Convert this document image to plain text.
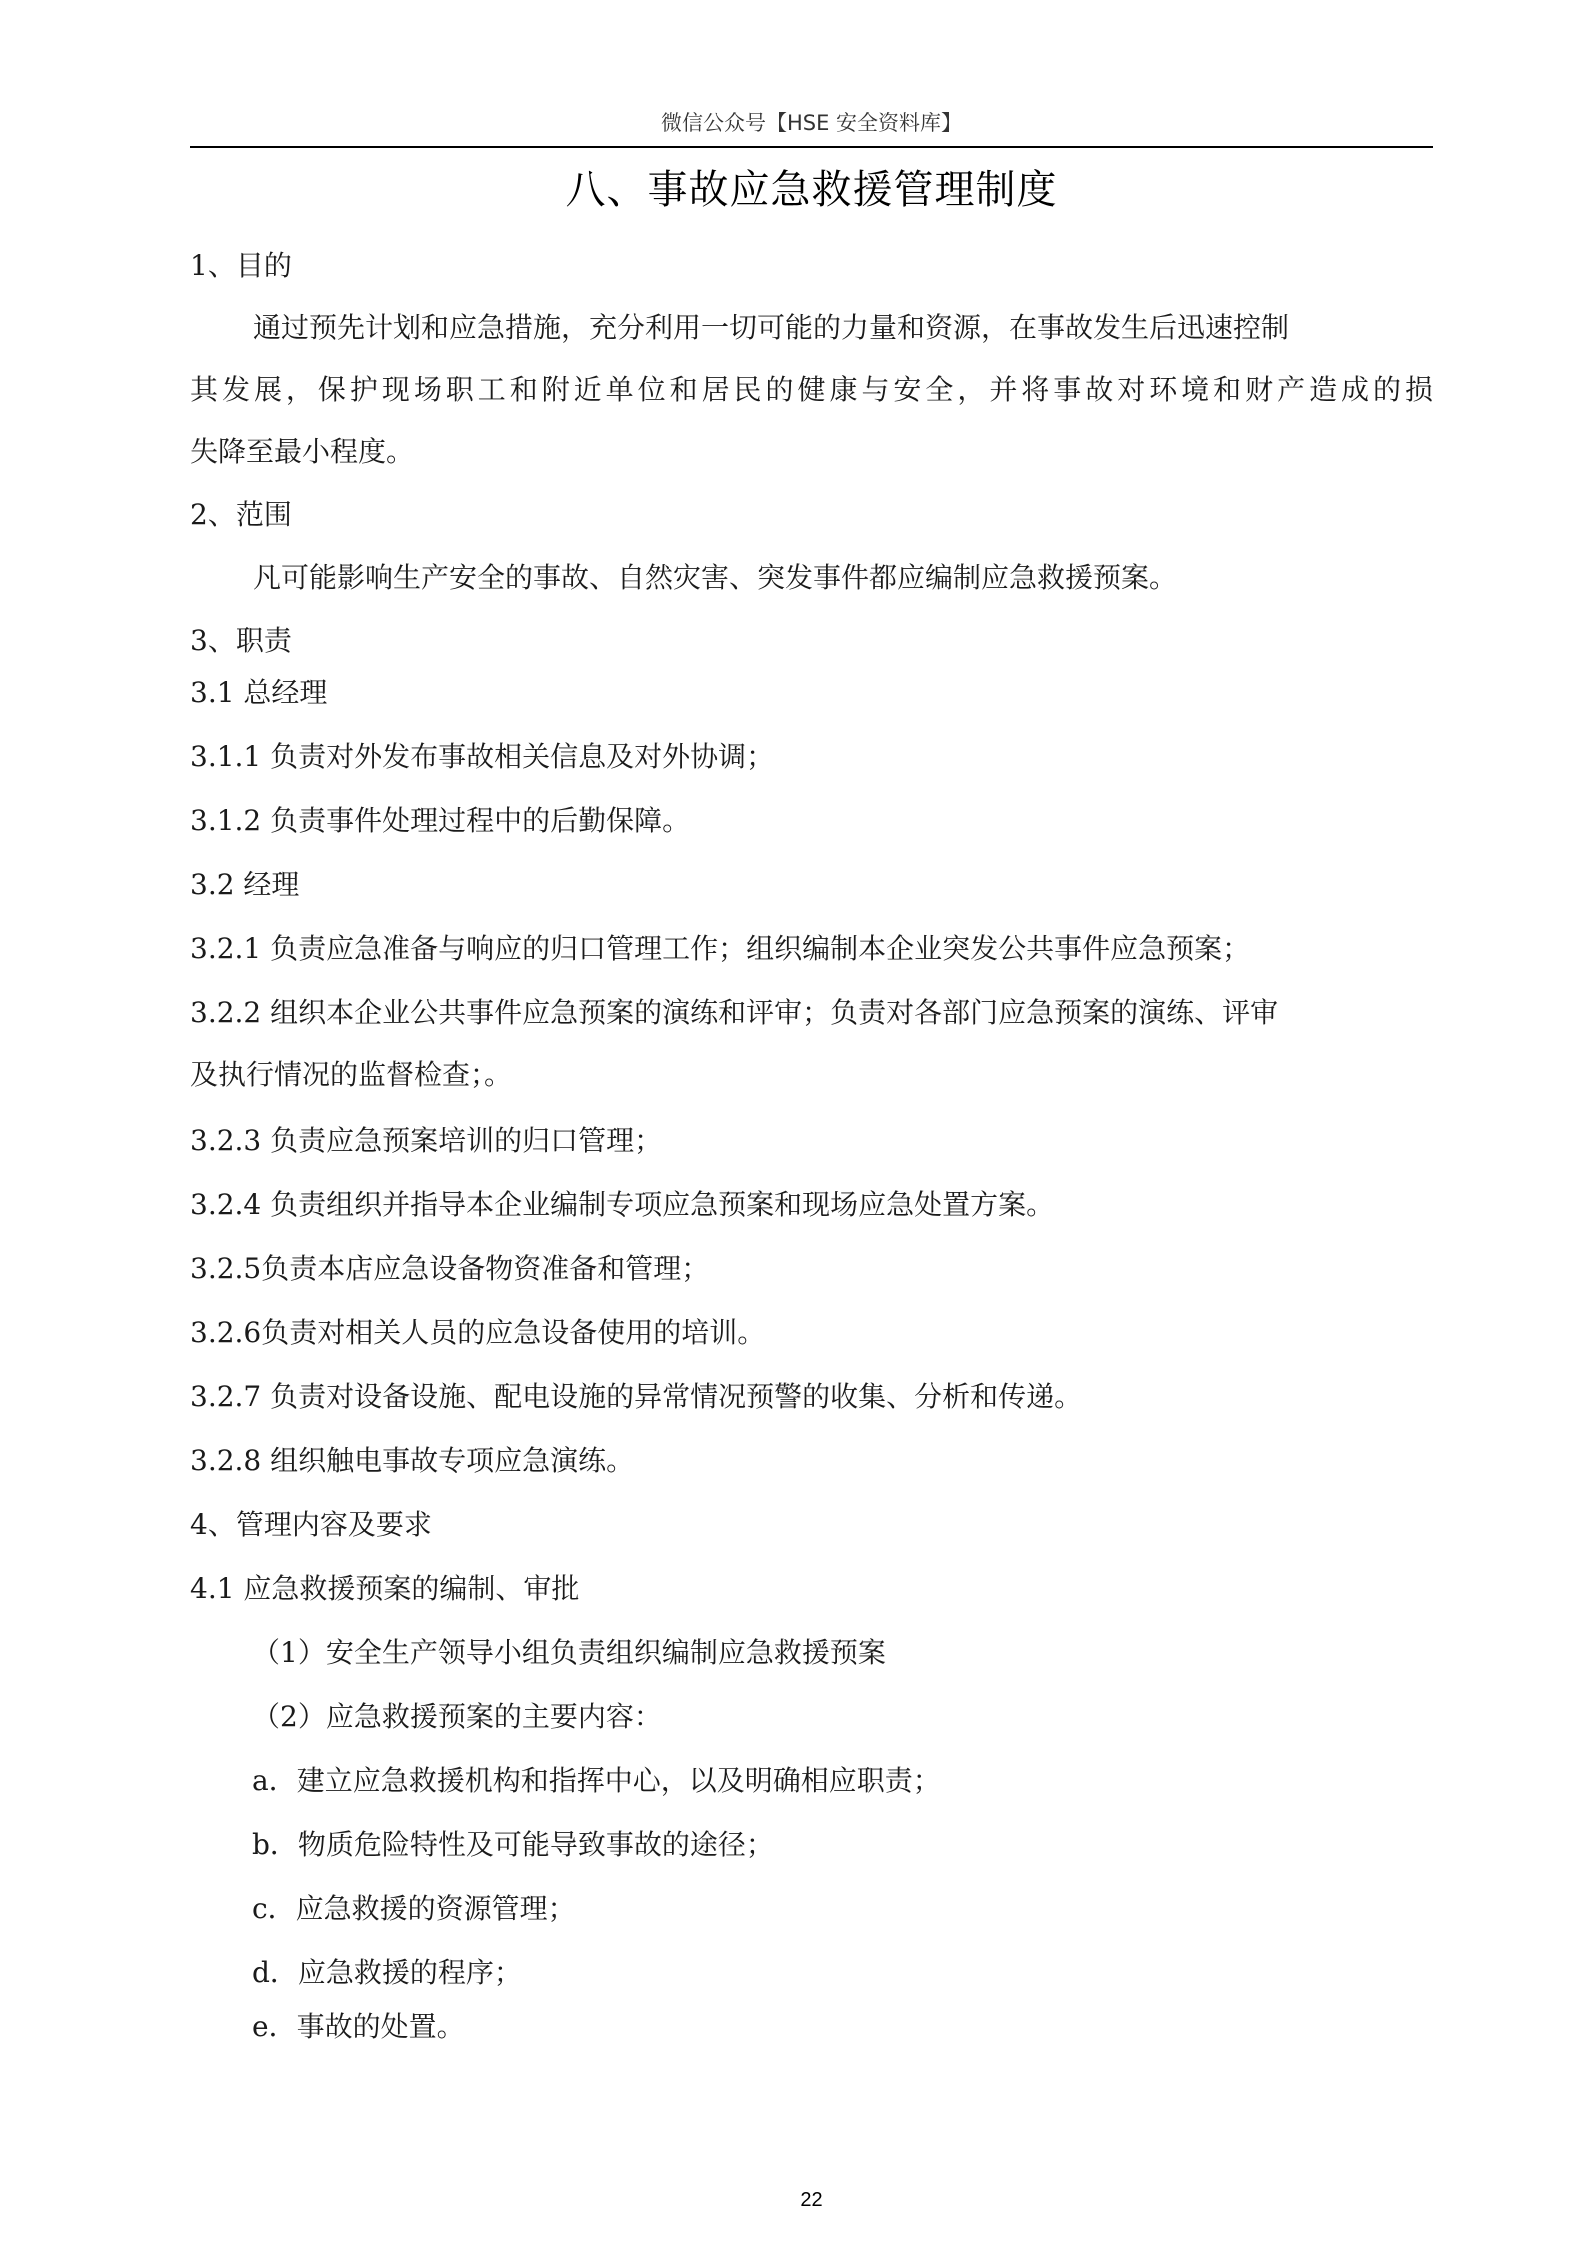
微信公众号【HSE 安全资料库】
八、事故应急救援管理制度
1、目的
通过预先计划和应急措施，充分利用一切可能的力量和资源，在事故发生后迅速控制
其发展，保护现场职工和附近单位和居民的健康与安全，并将事故对环境和财产造成的损
失降至最小程度。
2、范围
凡可能影响生产安全的事故、自然灾害、突发事件都应编制应急救援预案。
3、职责
3.1 总经理
3.1.1 负责对外发布事故相关信息及对外协调；
3.1.2 负责事件处理过程中的后勤保障。
3.2 经理
3.2.1 负责应急准备与响应的归口管理工作；组织编制本企业突发公共事件应急预案；
3.2.2 组织本企业公共事件应急预案的演练和评审；负责对各部门应急预案的演练、评审
及执行情况的监督检查；。
3.2.3 负责应急预案培训的归口管理；
3.2.4 负责组织并指导本企业编制专项应急预案和现场应急处置方案。
3.2.5负责本店应急设备物资准备和管理；
3.2.6负责对相关人员的应急设备使用的培训。
3.2.7 负责对设备设施、配电设施的异常情况预警的收集、分析和传递。
3.2.8 组织触电事故专项应急演练。
4、管理内容及要求
4.1 应急救援预案的编制、审批
（1）安全生产领导小组负责组织编制应急救援预案
（2）应急救援预案的主要内容：
a．建立应急救援机构和指挥中心，以及明确相应职责；
b．物质危险特性及可能导致事故的途径；
c．应急救援的资源管理；
d．应急救援的程序；
e．事故的处置。
22
